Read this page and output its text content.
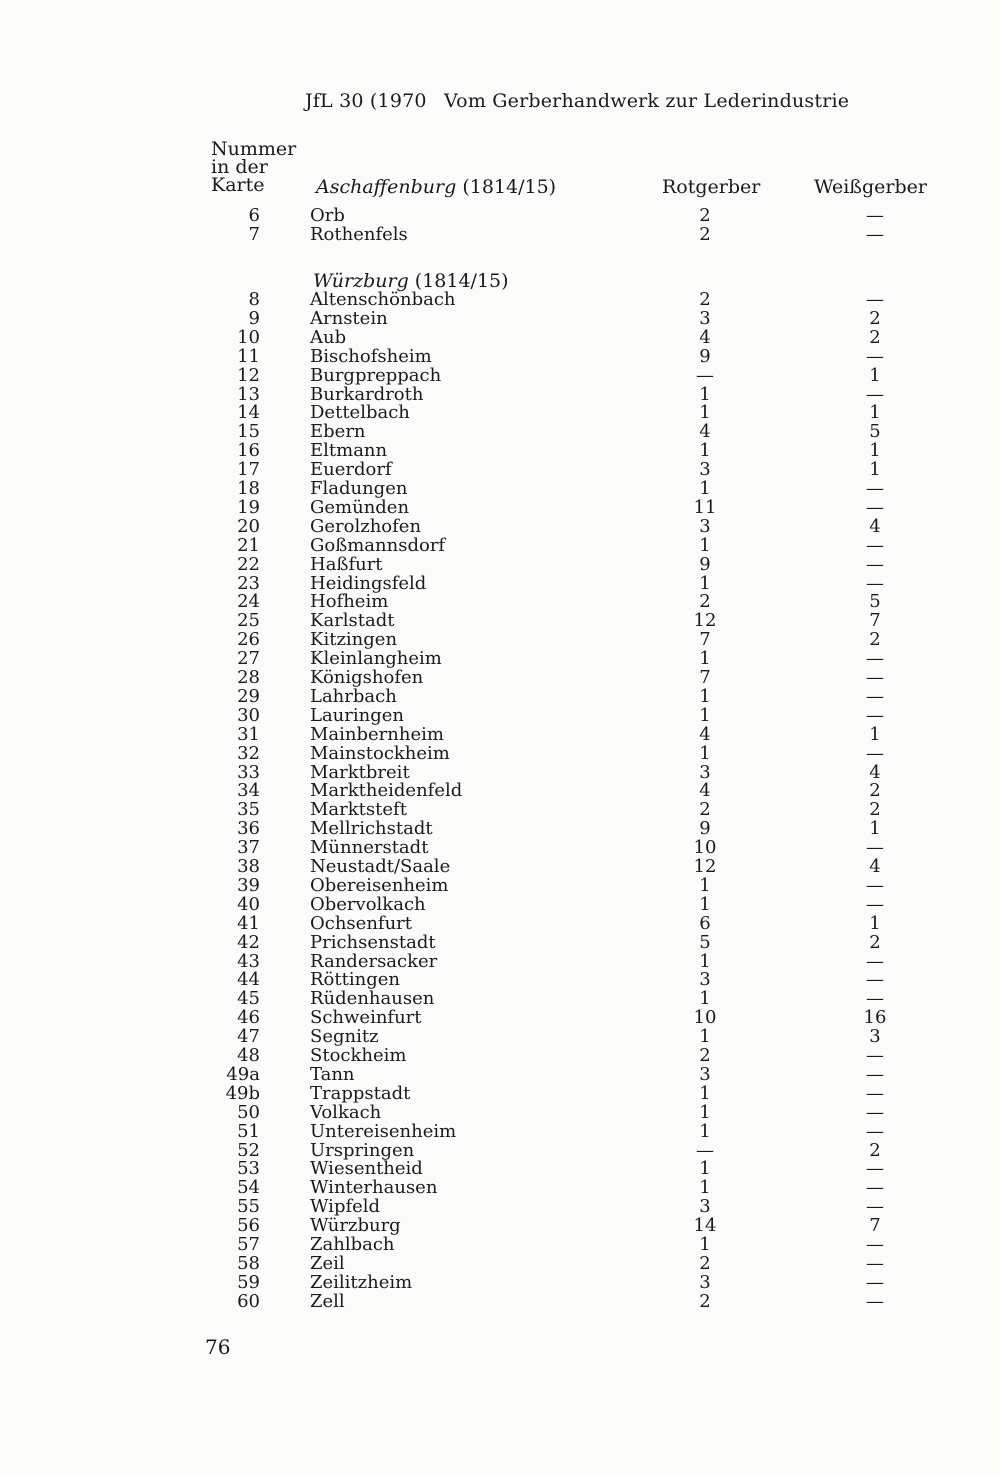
JfL 30 (1970 Vom Gerberhandwerk zur Lederindustrie
Nummer
in der
Karte	Aschaffenburg (1814/15)	Rotgerber	Weißgerber
Würzburg (1814/15)
6	Orb	2	—
7	Rothenfels	2	—
8	Altenschönbach	2	—
9	Arnstein	3	2
10	Aub	4	2
11	Bischofsheim	9	—
12	Burgpreppach	—	1
13	Burkardroth	1	—
14	Dettelbach	1	1
15	Ebern	4	5
16	Eltmann	1	1
17	Euerdorf	3	1
18	Fladungen	1	—
19	Gemünden	11	—
20	Gerolzhofen	3	4
21	Goßmannsdorf	1	—
22	Haßfurt	9	—
23	Heidingsfeld	1	—
24	Hofheim	2	5
25	Karlstadt	12	7
26	Kitzingen	7	2
27	Kleinlangheim	1	—
28	Königshofen	7	—
29	Lahrbach	1	—
30	Lauringen	1	—
31	Mainbernheim	4	1
32	Mainstockheim	1	—
33	Marktbreit	3	4
34	Marktheidenfeld	4	2
35	Marktsteft	2	2
36	Mellrichstadt	9	1
37	Münnerstadt	10	—
38	Neustadt/Saale	12	4
39	Obereisenheim	1	—
40	Obervolkach	1	—
41	Ochsenfurt	6	1
42	Prichsenstadt	5	2
43	Randersacker	1	—
44	Röttingen	3	—
45	Rüdenhausen	1	—
46	Schweinfurt	10	16
47	Segnitz	1	3
48	Stockheim	2	—
49a	Tann	3	—
49b	Trappstadt	1	—
50	Volkach	1	—
51	Untereisenheim	1	—
52	Urspringen	—	2
53	Wiesentheid	1	—
54	Winterhausen	1	—
55	Wipfeld	3	—
56	Würzburg	14	7
57	Zahlbach	1	—
58	Zeil	2	—
59	Zeilitzheim	3	—
60	Zell	2	—
76
